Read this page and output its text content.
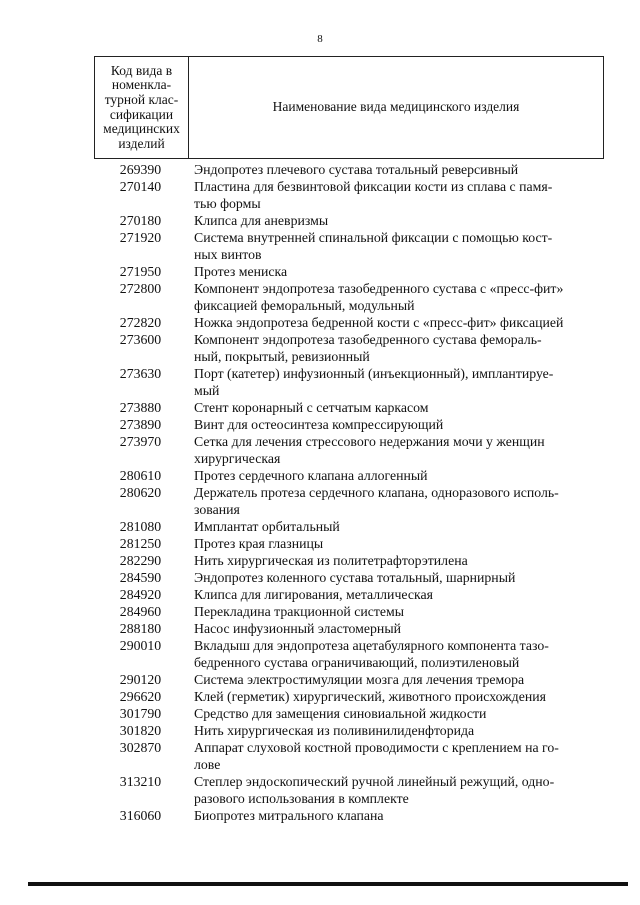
8
Код вида в
номенкла-
турной клас-
сификации
медицинских
изделий
	Наименование вида медицинского изделия
269390	Эндопротез плечевого сустава тотальный реверсивный
270140	Пластина для безвинтовой фиксации кости из сплава с памя-
тью формы
270180	Клипса для аневризмы
271920	Система внутренней спинальной фиксации с помощью кост-
ных винтов
271950	Протез мениска
272800	Компонент эндопротеза тазобедренного сустава с «пресс-фит»
фиксацией феморальный, модульный
272820	Ножка эндопротеза бедренной кости с «пресс-фит» фиксацией
273600	Компонент эндопротеза тазобедренного сустава фемораль-
ный, покрытый, ревизионный
273630	Порт (катетер) инфузионный (инъекционный), имплантируе-
мый
273880	Стент коронарный с сетчатым каркасом
273890	Винт для остеосинтеза компрессирующий
273970	Сетка для лечения стрессового недержания мочи у женщин
хирургическая
280610	Протез сердечного клапана аллогенный
280620	Держатель протеза сердечного клапана, одноразового исполь-
зования
281080	Имплантат орбитальный
281250	Протез края глазницы
282290	Нить хирургическая из политетрафторэтилена
284590	Эндопротез коленного сустава тотальный, шарнирный
284920	Клипса для лигирования, металлическая
284960	Перекладина тракционной системы
288180	Насос инфузионный эластомерный
290010	Вкладыш для эндопротеза ацетабулярного компонента тазо-
бедренного сустава ограничивающий, полиэтиленовый
290120	Система электростимуляции мозга для лечения тремора
296620	Клей (герметик) хирургический, животного происхождения
301790	Средство для замещения синовиальной жидкости
301820	Нить хирургическая из поливинилиденфторида
302870	Аппарат слуховой костной проводимости с креплением на го-
лове
313210	Степлер эндоскопический ручной линейный режущий, одно-
разового использования в комплекте
316060	Биопротез митрального клапана
